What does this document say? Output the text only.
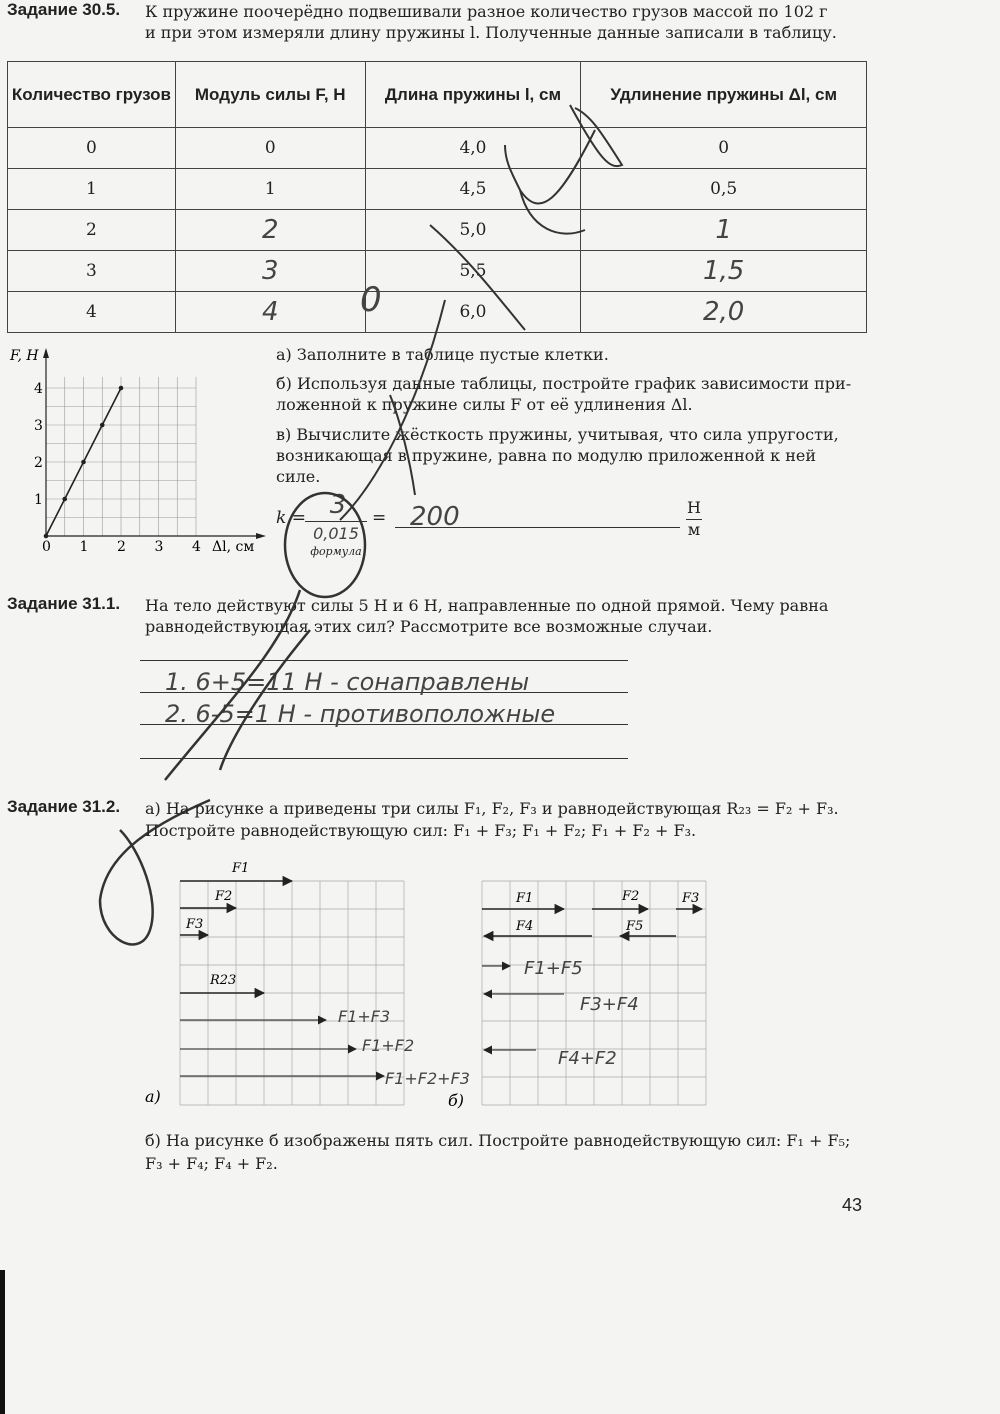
Задание 30.5. К пружине поочерёдно подвешивали разное количество грузов массой по 102 г
и при этом измеряли длину пружины l. Полученные данные записали в таблицу.
Количество грузов	Модуль силы F, Н	Длина пружины l, см	Удлинение пружины Δl, см
0	0	4,0	0
1	1	4,5	0,5
2	2	5,0	1
3	3	5,5	1,5
4	4	6,0	2,0
0
F, Н
Δl, см
0 1 2 3 4
1
2
3
4
а) Заполните в таблице пустые клетки.
б) Используя данные таблицы, постройте график зависимости при-
ложенной к пружине силы F от её удлинения Δl.
в) Вычислите жёсткость пружины, учитывая, что сила упругости,
возникающая в пружине, равна по модулю приложенной к ней
силе.
k = 3
0,015
формула
= 200	Н
м
Задание 31.1. На тело действуют силы 5 Н и 6 Н, направленные по одной прямой. Чему равна
равнодействующая этих сил? Рассмотрите все возможные случаи.
1. 6+5=11 Н - сонаправлены
2. 6-5=1 Н - противоположные
Задание 31.2. а) На рисунке а приведены три силы F₁, F₂, F₃ и равнодействующая R₂₃ = F₂ + F₃.
Постройте равнодействующую сил: F₁ + F₃; F₁ + F₂; F₁ + F₂ + F₃.
F1
F2
F3
R23
F1+F3
F1+F2
F1+F2+F3
а)
F1	F2	F3
F4	F5
F1+F5
F3+F4
F4+F2
б)
б) На рисунке б изображены пять сил. Постройте равнодействующую сил: F₁ + F₅;
F₃ + F₄; F₄ + F₂.
43
